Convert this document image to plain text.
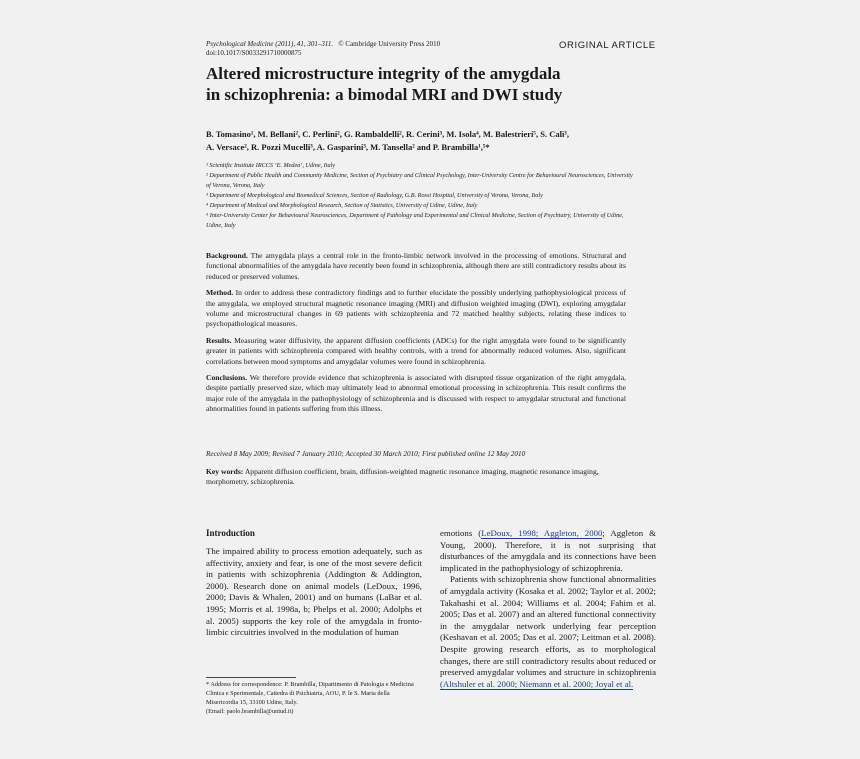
Psychological Medicine (2011), 41, 301–311. © Cambridge University Press 2010
doi:10.1017/S0033291710000875
ORIGINAL ARTICLE
Altered microstructure integrity of the amygdala
in schizophrenia: a bimodal MRI and DWI study
B. Tomasino¹, M. Bellani², C. Perlini², G. Rambaldelli², R. Cerini³, M. Isola⁴, M. Balestrieri⁵, S. Calì³,
A. Versace², R. Pozzi Mucelli³, A. Gasparini³, M. Tansella² and P. Brambilla¹,⁵*
¹ Scientific Institute IRCCS ‘E. Medea’, Udine, Italy
² Department of Public Health and Community Medicine, Section of Psychiatry and Clinical Psychology, Inter-University Centre for Behavioural Neurosciences, University of Verona, Verona, Italy
³ Department of Morphological and Biomedical Sciences, Section of Radiology, G.B. Rossi Hospital, University of Verona, Verona, Italy
⁴ Department of Medical and Morphological Research, Section of Statistics, University of Udine, Udine, Italy
⁵ Inter-University Center for Behavioural Neurosciences, Department of Pathology and Experimental and Clinical Medicine, Section of Psychiatry, University of Udine, Udine, Italy

Background. The amygdala plays a central role in the fronto-limbic network involved in the processing of emotions. Structural and functional abnormalities of the amygdala have recently been found in schizophrenia, although there are still contradictory results about its reduced or preserved volumes.

Method. In order to address these contradictory findings and to further elucidate the possibly underlying pathophysiological process of the amygdala, we employed structural magnetic resonance imaging (MRI) and diffusion weighted imaging (DWI), exploring amygdalar volume and microstructural changes in 69 patients with schizophrenia and 72 matched healthy subjects, relating these indices to psychopathological measures.

Results. Measuring water diffusivity, the apparent diffusion coefficients (ADCs) for the right amygdala were found to be significantly greater in patients with schizophrenia compared with healthy controls, with a trend for abnormally reduced volumes. Also, significant correlations between mood symptoms and amygdalar volumes were found in schizophrenia.

Conclusions. We therefore provide evidence that schizophrenia is associated with disrupted tissue organization of the right amygdala, despite partially preserved size, which may ultimately lead to abnormal emotional processing in schizophrenia. This result confirms the major role of the amygdala in the pathophysiology of schizophrenia and is discussed with respect to amygdalar structural and functional abnormalities found in patients suffering from this illness.

Received 8 May 2009; Revised 7 January 2010; Accepted 30 March 2010; First published online 12 May 2010
Key words: Apparent diffusion coefficient, brain, diffusion-weighted magnetic resonance imaging, magnetic resonance imaging, morphometry, schizophrenia.
Introduction

The impaired ability to process emotion adequately, such as affectivity, anxiety and fear, is one of the most severe deficit in patients with schizophrenia (Addington & Addington, 2000). Research done on animal models (LeDoux, 1996, 2000; Davis & Whalen, 2001) and on humans (LaBar et al. 1995; Morris et al. 1998a, b; Phelps et al. 2000; Adolphs et al. 2005) supports the key role of the amygdala in fronto-limbic circuitries involved in the modulation of human

emotions (LeDoux, 1998; Aggleton, 2000; Aggleton & Young, 2000). Therefore, it is not surprising that disturbances of the amygdala and its connections have been implicated in the pathophysiology of schizophrenia.

Patients with schizophrenia show functional abnormalities of amygdala activity (Kosaka et al. 2002; Taylor et al. 2002; Takahashi et al. 2004; Williams et al. 2004; Fahim et al. 2005; Das et al. 2007) and an altered functional connectivity in the amygdalar network underlying fear perception (Keshavan et al. 2005; Das et al. 2007; Leitman et al. 2008). Despite growing research efforts, as to morphological changes, there are still contradictory results about reduced or preserved amygdalar volumes and structure in schizophrenia (Altshuler et al. 2000; Niemann et al. 2000; Joyal et al.

* Address for correspondence: P. Brambilla, Dipartimento di Patologia e Medicina Clinica e Sperimentale, Cattedra di Psichiatria, AOU, P. le S. Maria della Misericordia 15, 33100 Udine, Italy.
(Email: paolo.brambilla@uniud.it)
